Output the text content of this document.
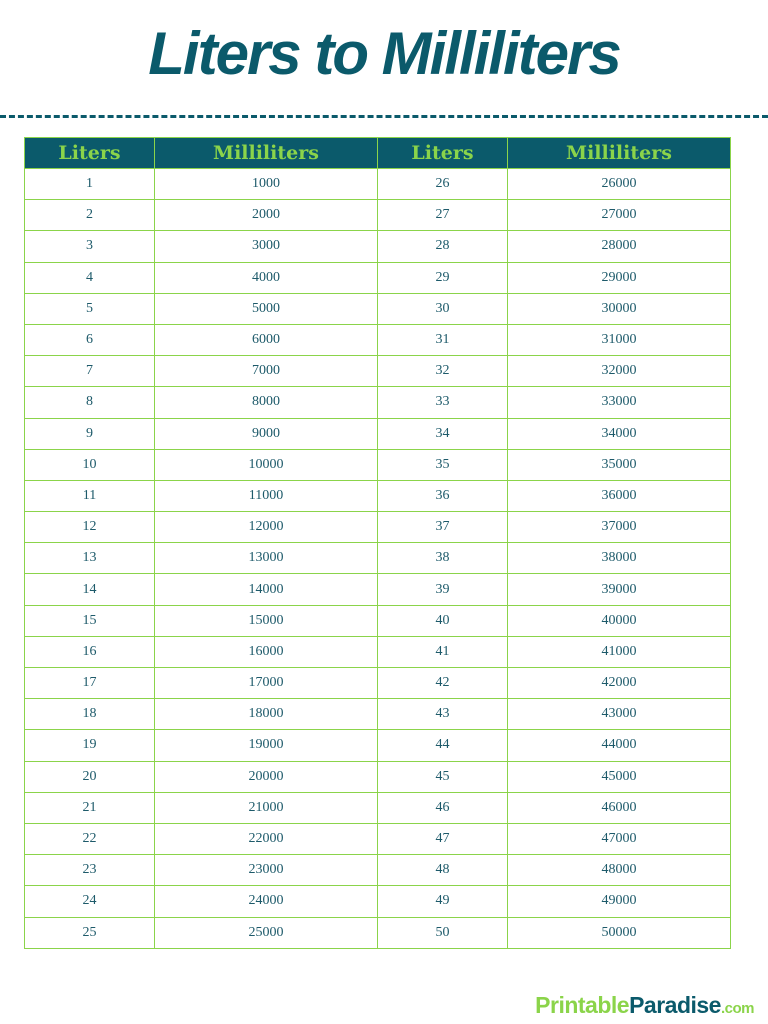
Liters to Milliliters
Liters	Milliliters	Liters	Milliliters
1	1000	26	26000
2	2000	27	27000
3	3000	28	28000
4	4000	29	29000
5	5000	30	30000
6	6000	31	31000
7	7000	32	32000
8	8000	33	33000
9	9000	34	34000
10	10000	35	35000
11	11000	36	36000
12	12000	37	37000
13	13000	38	38000
14	14000	39	39000
15	15000	40	40000
16	16000	41	41000
17	17000	42	42000
18	18000	43	43000
19	19000	44	44000
20	20000	45	45000
21	21000	46	46000
22	22000	47	47000
23	23000	48	48000
24	24000	49	49000
25	25000	50	50000
PrintableParadise.com
